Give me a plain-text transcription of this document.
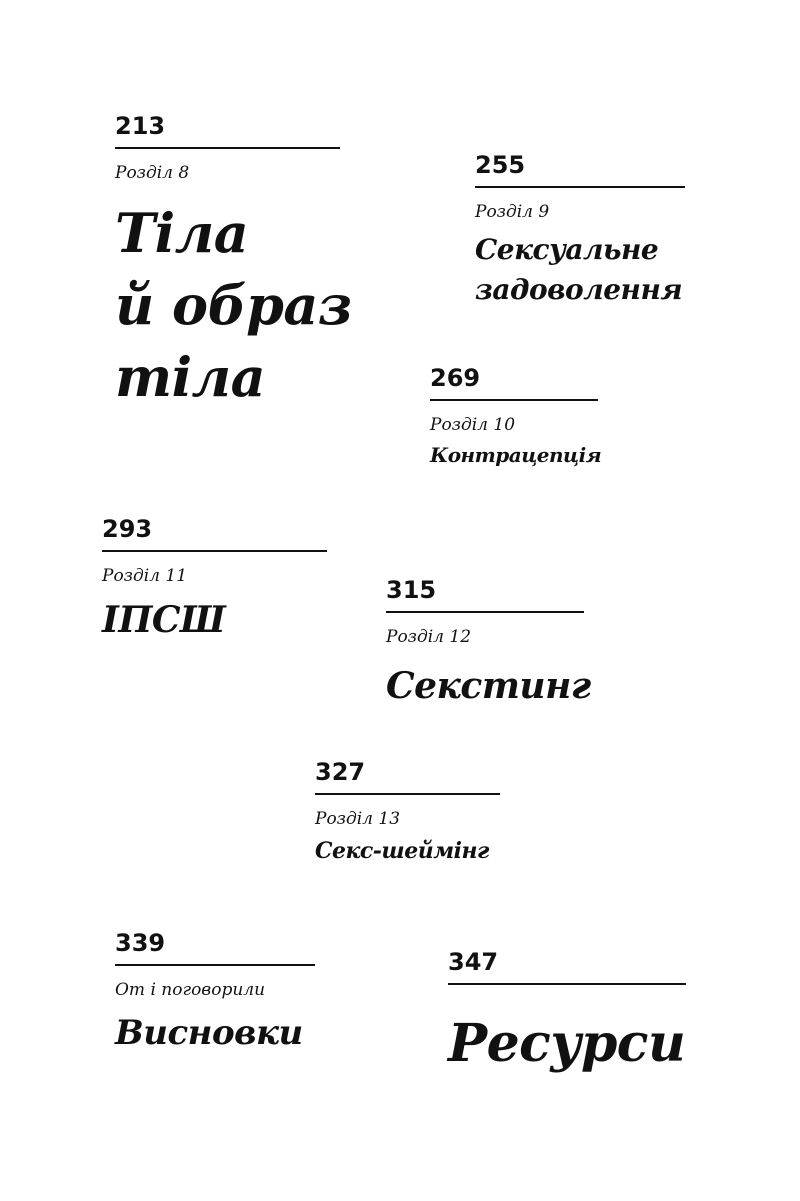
213
Розділ 8
Тіла
й образ
тіла
255
Розділ 9
Сексуальне
задоволення
269
Розділ 10
Контрацепція
293
Розділ 11
ІПСШ
315
Розділ 12
Секстинг
327
Розділ 13
Секс-шеймінг
339
От і поговорили
Висновки
347
Ресурси
